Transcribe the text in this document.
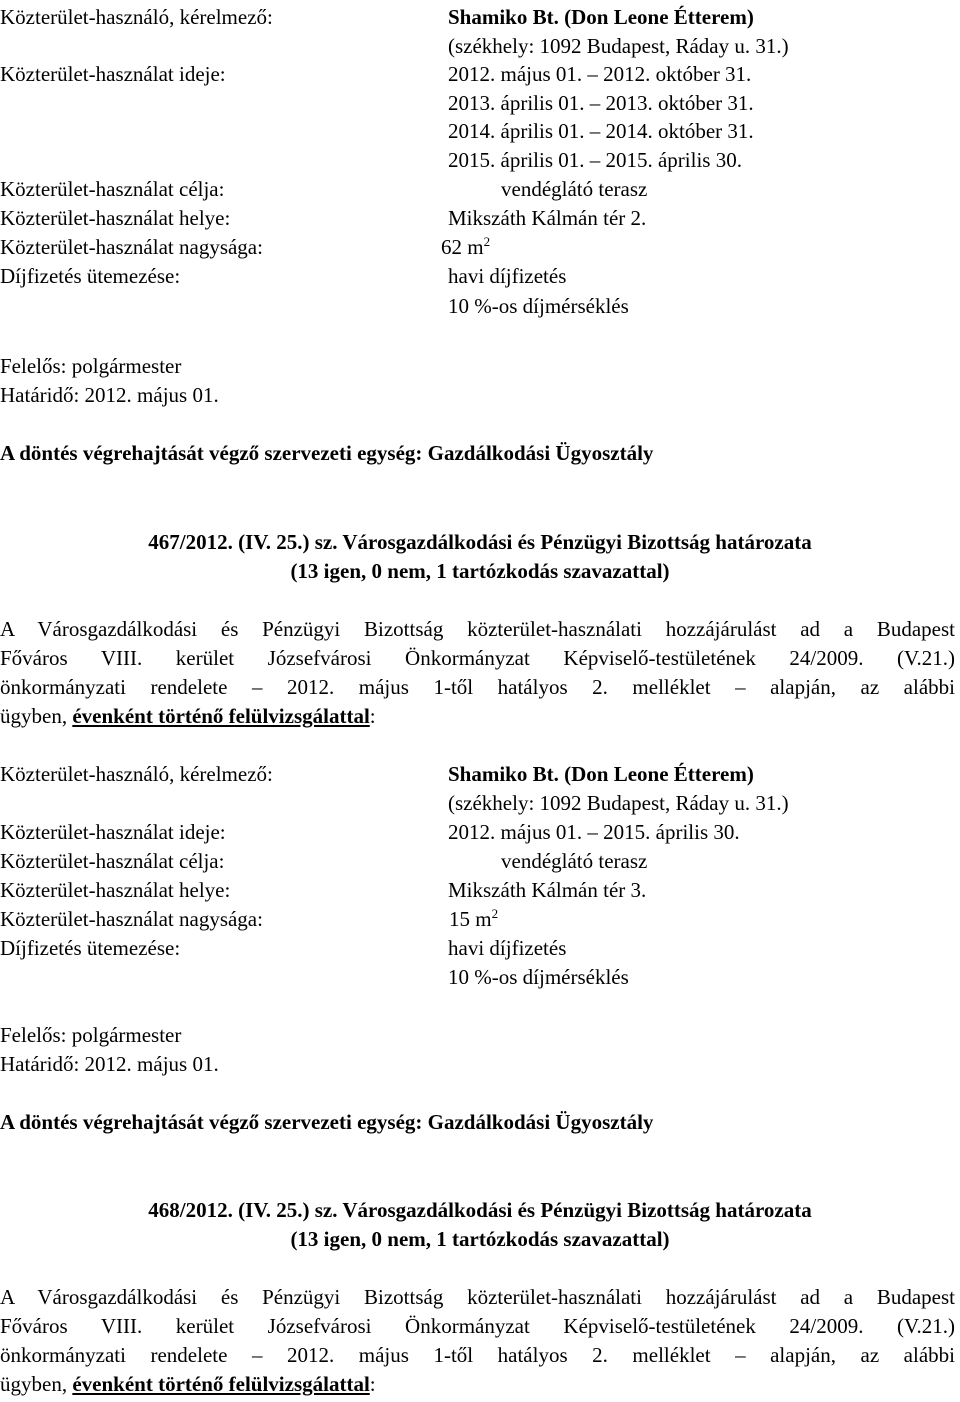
Közterület-használó, kérelmező:	Shamiko Bt. (Don Leone Étterem)
(székhely: 1092 Budapest, Ráday u. 31.)
Közterület-használat ideje:	2012. május 01. – 2012. október 31.
2013. április 01. – 2013. október 31.
2014. április 01. – 2014. október 31.
2015. április 01. – 2015. április 30.
Közterület-használat célja:	vendéglátó terasz
Közterület-használat helye:	Mikszáth Kálmán tér 2.
Közterület-használat nagysága:	62 $m^2$
Díjfizetés ütemezése:	havi díjfizetés
10 %-os díjmérséklés
Felelős: polgármester
Határidő: 2012. május 01.
A döntés végrehajtását végző szervezeti egység: Gazdálkodási Ügyosztály
467/2012. (IV. 25.) sz. Városgazdálkodási és Pénzügyi Bizottság határozata
(13 igen, 0 nem, 1 tartózkodás szavazattal)
A Városgazdálkodási és Pénzügyi Bizottság közterület-használati hozzájárulást ad a Budapest
Főváros VIII. kerület Józsefvárosi Önkormányzat Képviselő-testületének 24/2009. (V.21.)
önkormányzati rendelete – 2012. május 1-től hatályos 2. melléklet – alapján, az alábbi
ügyben, évenként történő felülvizsgálattal:
Közterület-használó, kérelmező:	Shamiko Bt. (Don Leone Étterem)
(székhely: 1092 Budapest, Ráday u. 31.)
Közterület-használat ideje:	2012. május 01. – 2015. április 30.
Közterület-használat célja:	vendéglátó terasz
Közterület-használat helye:	Mikszáth Kálmán tér 3.
Közterület-használat nagysága:	15 $m^2$
Díjfizetés ütemezése:	havi díjfizetés
10 %-os díjmérséklés
Felelős: polgármester
Határidő: 2012. május 01.
A döntés végrehajtását végző szervezeti egység: Gazdálkodási Ügyosztály
468/2012. (IV. 25.) sz. Városgazdálkodási és Pénzügyi Bizottság határozata
(13 igen, 0 nem, 1 tartózkodás szavazattal)
A Városgazdálkodási és Pénzügyi Bizottság közterület-használati hozzájárulást ad a Budapest
Főváros VIII. kerület Józsefvárosi Önkormányzat Képviselő-testületének 24/2009. (V.21.)
önkormányzati rendelete – 2012. május 1-től hatályos 2. melléklet – alapján, az alábbi
ügyben, évenként történő felülvizsgálattal:
